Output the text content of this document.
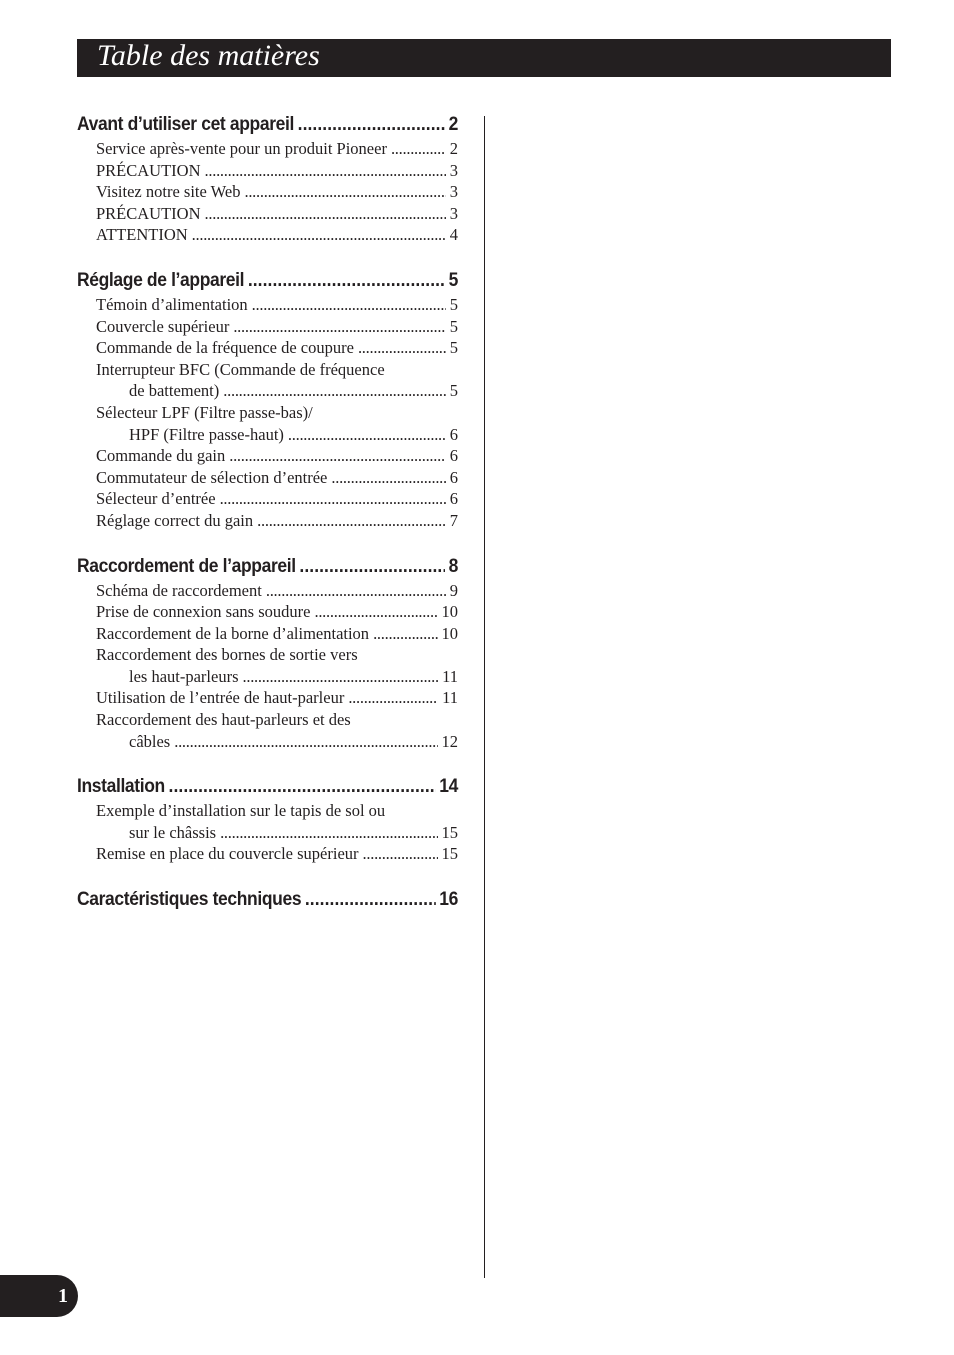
Table des matières
Avant d’utiliser cet appareil . . .	2
Service après-vente pour un produit Pioneer . . .	2
PRÉCAUTION . . .	3
Visitez notre site Web . . .	3
PRÉCAUTION . . .	3
ATTENTION . . .	4
Réglage de l’appareil . . .	5
Témoin d’alimentation . . .	5
Couvercle supérieur . . .	5
Commande de la fréquence de coupure . . .	5
Interrupteur BFC (Commande de fréquence
de battement) . . .	5
Sélecteur LPF (Filtre passe-bas)/
HPF (Filtre passe-haut) . . .	6
Commande du gain . . .	6
Commutateur de sélection d’entrée . . .	6
Sélecteur d’entrée . . .	6
Réglage correct du gain . . .	7
Raccordement de l’appareil . . .	8
Schéma de raccordement . . .	9
Prise de connexion sans soudure . . .	10
Raccordement de la borne d’alimentation . . .	10
Raccordement des bornes de sortie vers
les haut-parleurs . . .	11
Utilisation de l’entrée de haut-parleur . . .	11
Raccordement des haut-parleurs et des
câbles . . .	12
Installation . . .	14
Exemple d’installation sur le tapis de sol ou
sur le châssis . . .	15
Remise en place du couvercle supérieur . . .	15
Caractéristiques techniques . . .	16
1
